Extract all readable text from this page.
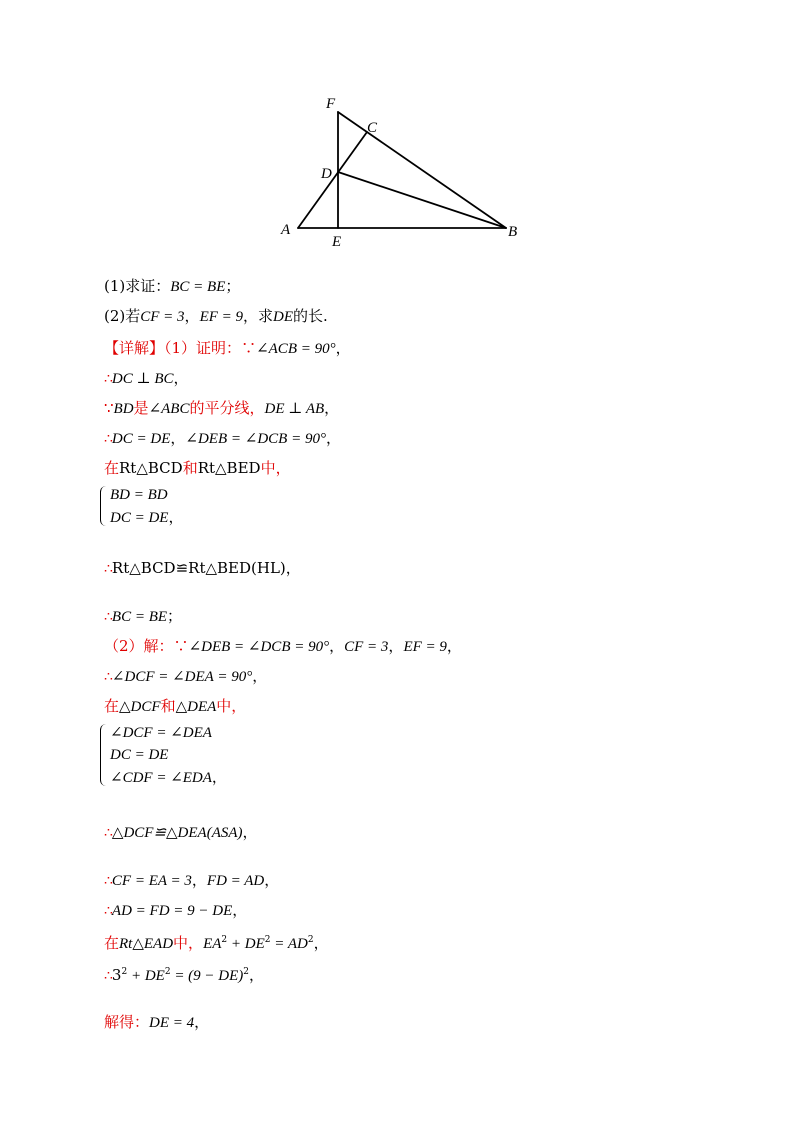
F
C
D
A
E
B
(1)求证：BC = BE；
(2)若CF = 3，EF = 9，求DE的长.
【详解】（1）证明：∵∠ACB = 90°，
∴DC ⊥ BC，
∵BD是∠ABC的平分线，DE ⊥ AB，
∴DC = DE，∠DEB = ∠DCB = 90°，
在Rt△BCD和Rt△BED中，
BD = BD
DC = DE，
∴Rt△BCD≌Rt△BED(HL)，
∴BC = BE；
（2）解：∵∠DEB = ∠DCB = 90°，CF = 3，EF = 9，
∴∠DCF = ∠DEA = 90°，
在△DCF和△DEA中，
∠DCF = ∠DEA
DC = DE
∠CDF = ∠EDA，
∴△DCF≌△DEA(ASA)，
∴CF = EA = 3，FD = AD，
∴AD = FD = 9 − DE，
在Rt△EAD中，$EA^2 + DE^2 = AD^2$，
$\therefore 3^2 + DE^2 = (9 - DE)^2$，
解得：DE = 4，
